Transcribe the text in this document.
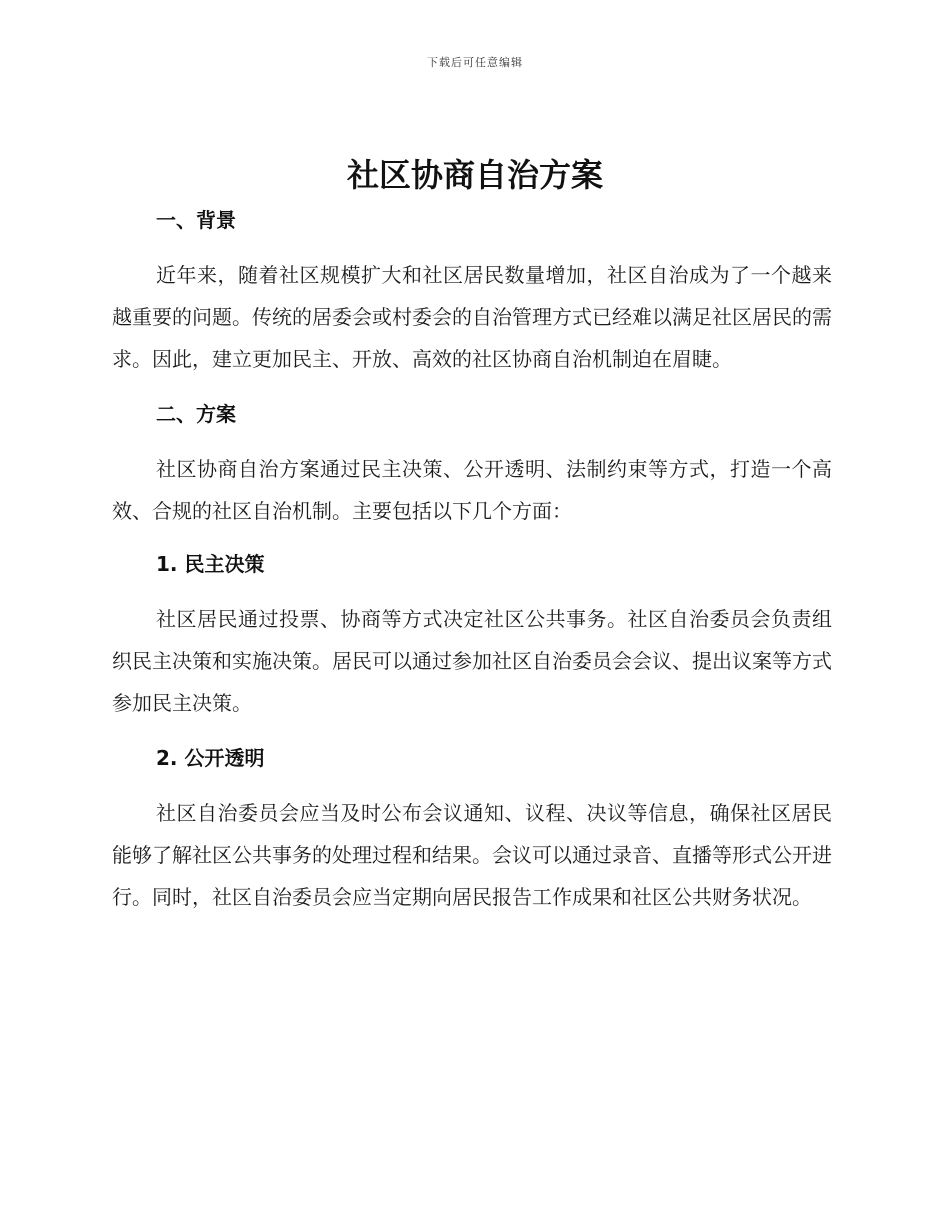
下载后可任意编辑
社区协商自治方案
一、背景

近年来，随着社区规模扩大和社区居民数量增加，社区自治成为了一个越来越重要的问题。传统的居委会或村委会的自治管理方式已经难以满足社区居民的需求。因此，建立更加民主、开放、高效的社区协商自治机制迫在眉睫。

二、方案

社区协商自治方案通过民主决策、公开透明、法制约束等方式，打造一个高效、合规的社区自治机制。主要包括以下几个方面：

1. 民主决策

社区居民通过投票、协商等方式决定社区公共事务。社区自治委员会负责组织民主决策和实施决策。居民可以通过参加社区自治委员会会议、提出议案等方式参加民主决策。

2. 公开透明

社区自治委员会应当及时公布会议通知、议程、决议等信息，确保社区居民能够了解社区公共事务的处理过程和结果。会议可以通过录音、直播等形式公开进行。同时，社区自治委员会应当定期向居民报告工作成果和社区公共财务状况。
